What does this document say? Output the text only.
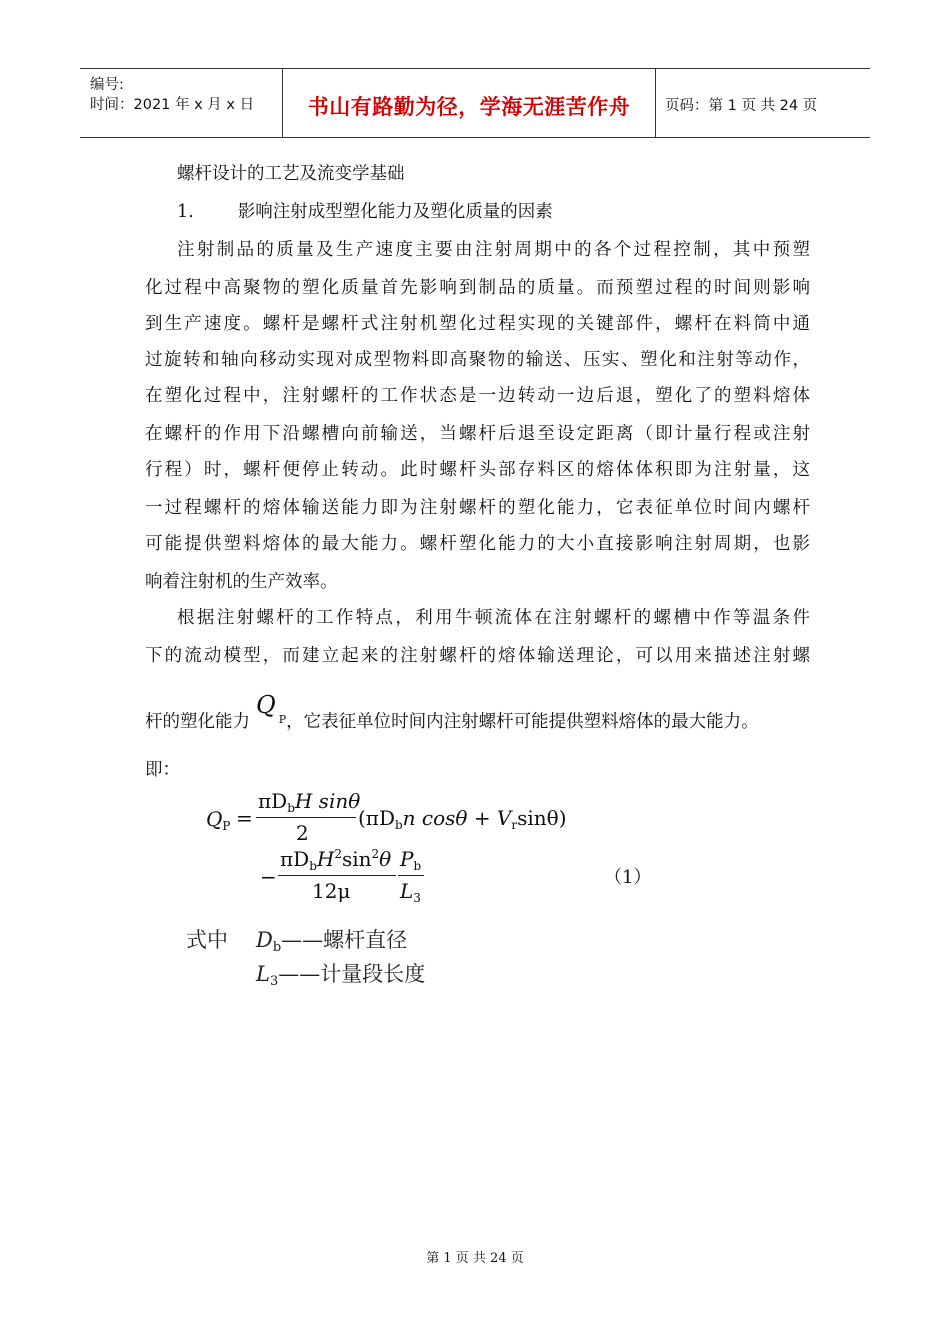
编号:
时间：2021 年 x 月 x 日	书山有路勤为径，学海无涯苦作舟	页码：第 1 页 共 24 页
螺杆设计的工艺及流变学基础
1.	影响注射成型塑化能力及塑化质量的因素
注射制品的质量及生产速度主要由注射周期中的各个过程控制，其中预塑
化过程中高聚物的塑化质量首先影响到制品的质量。而预塑过程的时间则影响
到生产速度。螺杆是螺杆式注射机塑化过程实现的关键部件，螺杆在料筒中通
过旋转和轴向移动实现对成型物料即高聚物的输送、压实、塑化和注射等动作，
在塑化过程中，注射螺杆的工作状态是一边转动一边后退，塑化了的塑料熔体
在螺杆的作用下沿螺槽向前输送，当螺杆后退至设定距离（即计量行程或注射
行程）时，螺杆便停止转动。此时螺杆头部存料区的熔体体积即为注射量，这
一过程螺杆的熔体输送能力即为注射螺杆的塑化能力，它表征单位时间内螺杆
可能提供塑料熔体的最大能力。螺杆塑化能力的大小直接影响注射周期，也影
响着注射机的生产效率。
根据注射螺杆的工作特点，利用牛顿流体在注射螺杆的螺槽中作等温条件
下的流动模型，而建立起来的注射螺杆的熔体输送理论，可以用来描述注射螺
杆的塑化能力$Q^P$，它表征单位时间内注射螺杆可能提供塑料熔体的最大能力。
即：
$Q_P$ =
$\pi D_bH$ sinθ
2
($\pi D_bn$ $\cos\theta + V_r\sin\theta$)
−
$\pi D_bH^2\sin^2\theta$
12μ
$P_b$
$L_3$
（1）
式中 $D_b——$螺杆直径
$L_3——$计量段长度
第 1 页 共 24 页
